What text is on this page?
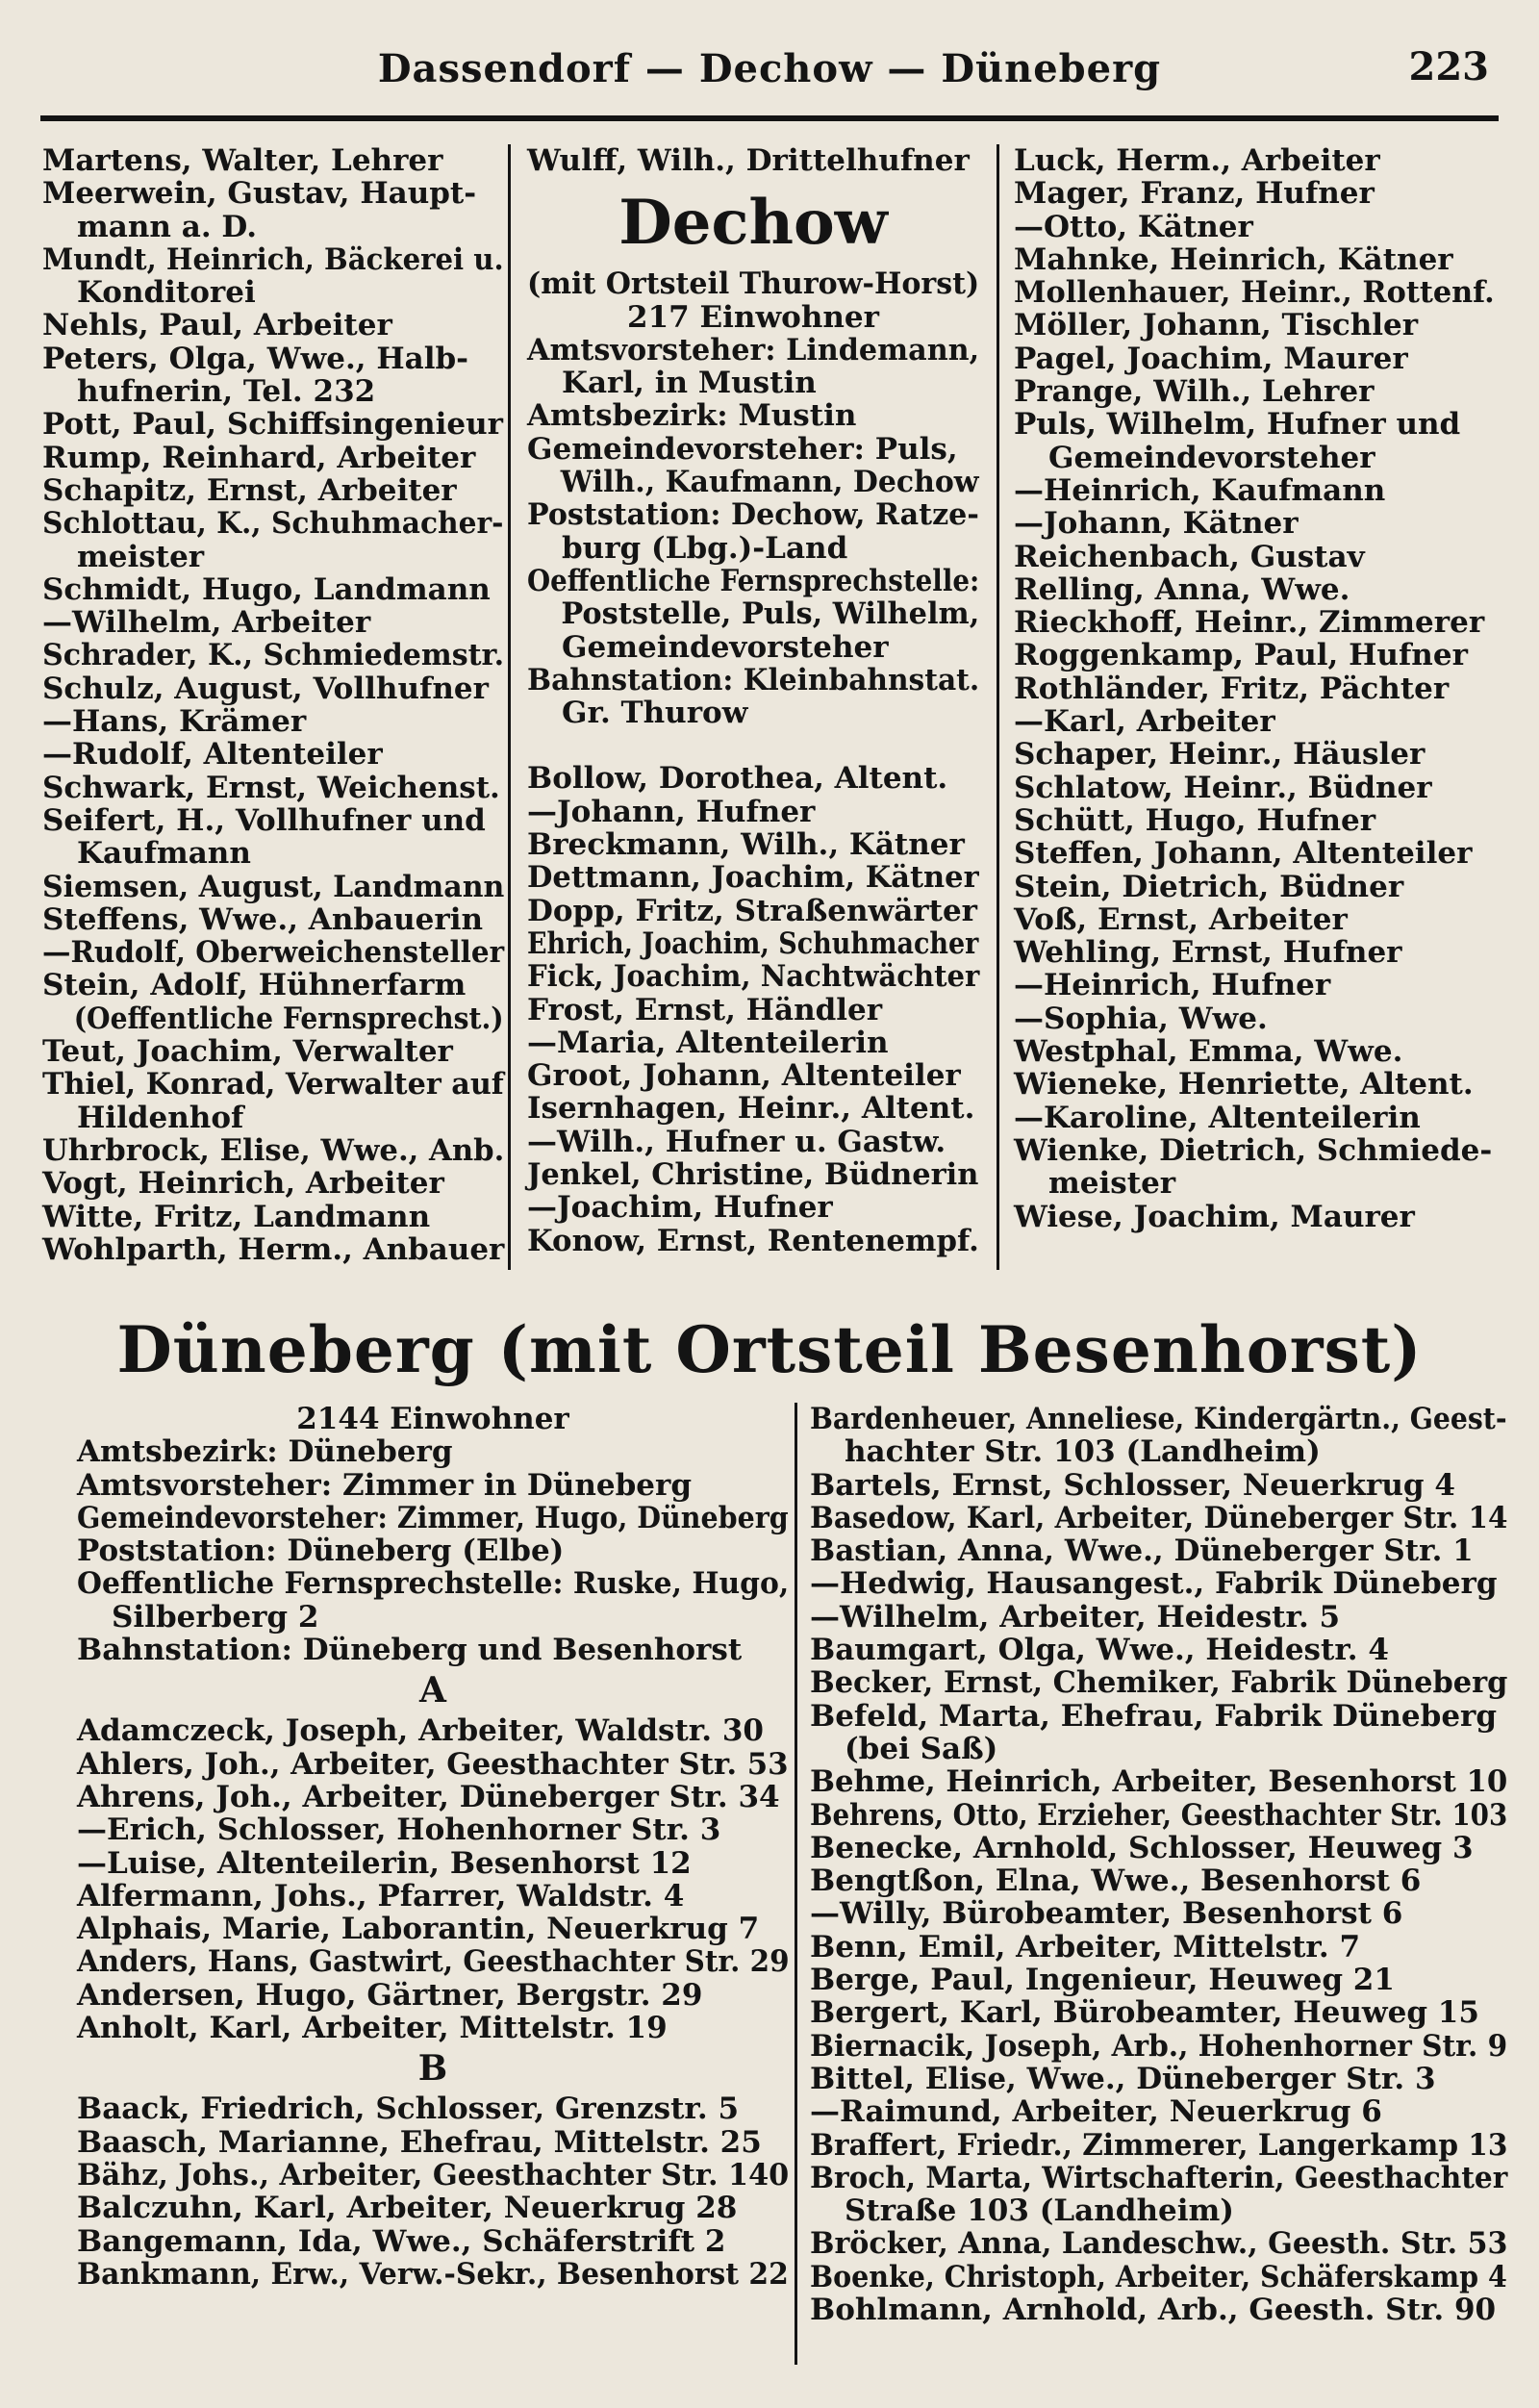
Dassendorf — Dechow — Düneberg	223
Martens, Walter, Lehrer
Meerwein, Gustav, Haupt-
mann a. D.
Mundt, Heinrich, Bäckerei u.
Konditorei
Nehls, Paul, Arbeiter
Peters, Olga, Wwe., Halb-
hufnerin, Tel. 232
Pott, Paul, Schiffsingenieur
Rump, Reinhard, Arbeiter
Schapitz, Ernst, Arbeiter
Schlottau, K., Schuhmacher-
meister
Schmidt, Hugo, Landmann
—Wilhelm, Arbeiter
Schrader, K., Schmiedemstr.
Schulz, August, Vollhufner
—Hans, Krämer
—Rudolf, Altenteiler
Schwark, Ernst, Weichenst.
Seifert, H., Vollhufner und
Kaufmann
Siemsen, August, Landmann
Steffens, Wwe., Anbauerin
—Rudolf, Oberweichensteller
Stein, Adolf, Hühnerfarm
(Oeffentliche Fernsprechst.)
Teut, Joachim, Verwalter
Thiel, Konrad, Verwalter auf
Hildenhof
Uhrbrock, Elise, Wwe., Anb.
Vogt, Heinrich, Arbeiter
Witte, Fritz, Landmann
Wohlparth, Herm., Anbauer
Wulff, Wilh., Drittelhufner
Dechow
(mit Ortsteil Thurow-Horst)
217 Einwohner
Amtsvorsteher: Lindemann,
Karl, in Mustin
Amtsbezirk: Mustin
Gemeindevorsteher: Puls,
Wilh., Kaufmann, Dechow
Poststation: Dechow, Ratze-
burg (Lbg.)-Land
Oeffentliche Fernsprechstelle:
Poststelle, Puls, Wilhelm,
Gemeindevorsteher
Bahnstation: Kleinbahnstat.
Gr. Thurow
Bollow, Dorothea, Altent.
—Johann, Hufner
Breckmann, Wilh., Kätner
Dettmann, Joachim, Kätner
Dopp, Fritz, Straßenwärter
Ehrich, Joachim, Schuhmacher
Fick, Joachim, Nachtwächter
Frost, Ernst, Händler
—Maria, Altenteilerin
Groot, Johann, Altenteiler
Isernhagen, Heinr., Altent.
—Wilh., Hufner u. Gastw.
Jenkel, Christine, Büdnerin
—Joachim, Hufner
Konow, Ernst, Rentenempf.
Luck, Herm., Arbeiter
Mager, Franz, Hufner
—Otto, Kätner
Mahnke, Heinrich, Kätner
Mollenhauer, Heinr., Rottenf.
Möller, Johann, Tischler
Pagel, Joachim, Maurer
Prange, Wilh., Lehrer
Puls, Wilhelm, Hufner und
Gemeindevorsteher
—Heinrich, Kaufmann
—Johann, Kätner
Reichenbach, Gustav
Relling, Anna, Wwe.
Rieckhoff, Heinr., Zimmerer
Roggenkamp, Paul, Hufner
Rothländer, Fritz, Pächter
—Karl, Arbeiter
Schaper, Heinr., Häusler
Schlatow, Heinr., Büdner
Schütt, Hugo, Hufner
Steffen, Johann, Altenteiler
Stein, Dietrich, Büdner
Voß, Ernst, Arbeiter
Wehling, Ernst, Hufner
—Heinrich, Hufner
—Sophia, Wwe.
Westphal, Emma, Wwe.
Wieneke, Henriette, Altent.
—Karoline, Altenteilerin
Wienke, Dietrich, Schmiede-
meister
Wiese, Joachim, Maurer
Düneberg (mit Ortsteil Besenhorst)
2144 Einwohner
Amtsbezirk: Düneberg
Amtsvorsteher: Zimmer in Düneberg
Gemeindevorsteher: Zimmer, Hugo, Düneberg
Poststation: Düneberg (Elbe)
Oeffentliche Fernsprechstelle: Ruske, Hugo,
Silberberg 2
Bahnstation: Düneberg und Besenhorst
A
Adamczeck, Joseph, Arbeiter, Waldstr. 30
Ahlers, Joh., Arbeiter, Geesthachter Str. 53
Ahrens, Joh., Arbeiter, Düneberger Str. 34
—Erich, Schlosser, Hohenhorner Str. 3
—Luise, Altenteilerin, Besenhorst 12
Alfermann, Johs., Pfarrer, Waldstr. 4
Alphais, Marie, Laborantin, Neuerkrug 7
Anders, Hans, Gastwirt, Geesthachter Str. 29
Andersen, Hugo, Gärtner, Bergstr. 29
Anholt, Karl, Arbeiter, Mittelstr. 19
B
Baack, Friedrich, Schlosser, Grenzstr. 5
Baasch, Marianne, Ehefrau, Mittelstr. 25
Bähz, Johs., Arbeiter, Geesthachter Str. 140
Balczuhn, Karl, Arbeiter, Neuerkrug 28
Bangemann, Ida, Wwe., Schäferstrift 2
Bankmann, Erw., Verw.-Sekr., Besenhorst 22
Bardenheuer, Anneliese, Kindergärtn., Geest-
hachter Str. 103 (Landheim)
Bartels, Ernst, Schlosser, Neuerkrug 4
Basedow, Karl, Arbeiter, Düneberger Str. 14
Bastian, Anna, Wwe., Düneberger Str. 1
—Hedwig, Hausangest., Fabrik Düneberg
—Wilhelm, Arbeiter, Heidestr. 5
Baumgart, Olga, Wwe., Heidestr. 4
Becker, Ernst, Chemiker, Fabrik Düneberg
Befeld, Marta, Ehefrau, Fabrik Düneberg
(bei Saß)
Behme, Heinrich, Arbeiter, Besenhorst 10
Behrens, Otto, Erzieher, Geesthachter Str. 103
Benecke, Arnhold, Schlosser, Heuweg 3
Bengtßon, Elna, Wwe., Besenhorst 6
—Willy, Bürobeamter, Besenhorst 6
Benn, Emil, Arbeiter, Mittelstr. 7
Berge, Paul, Ingenieur, Heuweg 21
Bergert, Karl, Bürobeamter, Heuweg 15
Biernacik, Joseph, Arb., Hohenhorner Str. 9
Bittel, Elise, Wwe., Düneberger Str. 3
—Raimund, Arbeiter, Neuerkrug 6
Braffert, Friedr., Zimmerer, Langerkamp 13
Broch, Marta, Wirtschafterin, Geesthachter
Straße 103 (Landheim)
Bröcker, Anna, Landeschw., Geesth. Str. 53
Boenke, Christoph, Arbeiter, Schäferskamp 4
Bohlmann, Arnhold, Arb., Geesth. Str. 90
